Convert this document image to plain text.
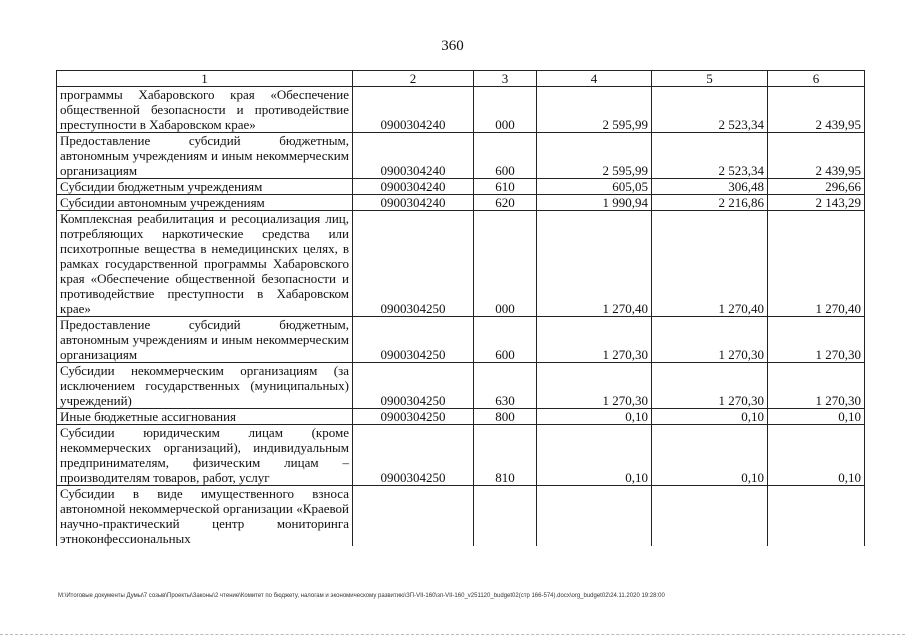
360
1	2	3	4	5	6
программы Хабаровского края «Обеспечение общественной безопасности и противодействие преступности в Хабаровском крае»	0900304240	000	2 595,99	2 523,34	2 439,95
Предоставление субсидий бюджетным, автономным учреждениям и иным некоммерческим организациям	0900304240	600	2 595,99	2 523,34	2 439,95
Субсидии бюджетным учреждениям	0900304240	610	605,05	306,48	296,66
Субсидии автономным учреждениям	0900304240	620	1 990,94	2 216,86	2 143,29
Комплексная реабилитация и ресоциализация лиц, потребляющих наркотические средства или психотропные вещества в немедицинских целях, в рамках государственной программы Хабаровского края «Обеспечение общественной безопасности и противодействие преступности в Хабаровском крае»	0900304250	000	1 270,40	1 270,40	1 270,40
Предоставление субсидий бюджетным, автономным учреждениям и иным некоммерческим организациям	0900304250	600	1 270,30	1 270,30	1 270,30
Субсидии некоммерческим организациям (за исключением государственных (муниципальных) учреждений)	0900304250	630	1 270,30	1 270,30	1 270,30
Иные бюджетные ассигнования	0900304250	800	0,10	0,10	0,10
Субсидии юридическим лицам (кроме некоммерческих организаций), индивидуальным предпринимателям, физическим лицам – производителям товаров, работ, услуг	0900304250	810	0,10	0,10	0,10
Субсидии в виде имущественного взноса автономной некоммерческой организации «Краевой научно-практический центр мониторинга этноконфессиональных					
M:\Итоговые документы Думы\7 созыв\Проекты\Законы\2 чтение\Комитет по бюджету, налогам и экономическому развитию\ЗП-VII-160\зп-VII-160_v251120_budget02(стр 166-574).docx\org_budget02\24.11.2020 19:28:00
